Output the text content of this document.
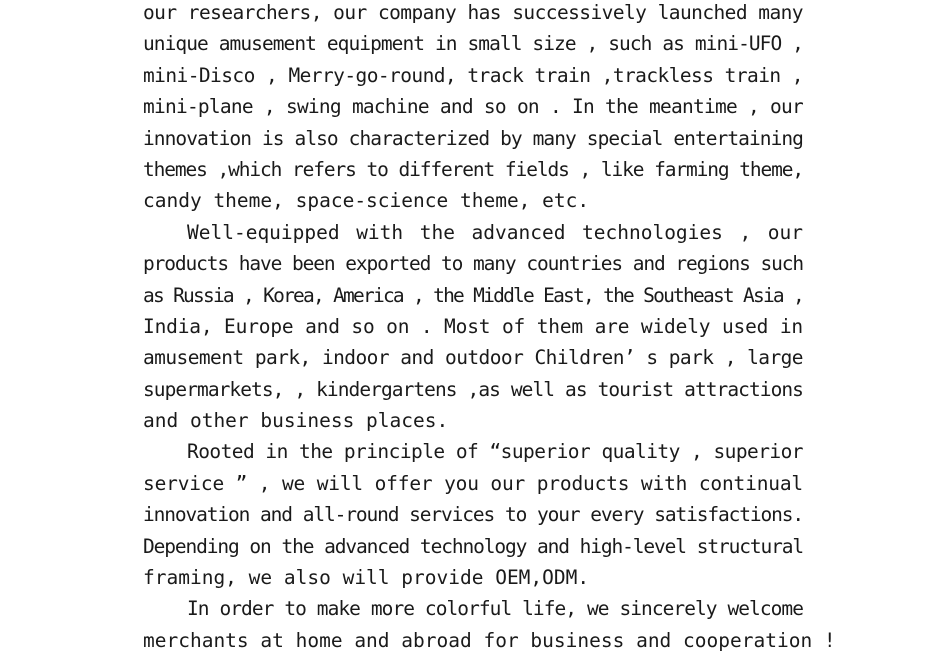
our researchers, our company has successively launched many
unique amusement equipment in small size , such as mini-UFO ,
mini-Disco , Merry-go-round, track train ,trackless train ,
mini-plane , swing machine and so on . In the meantime , our
innovation is also characterized by many special entertaining
themes ,which refers to different fields , like farming theme,
candy theme, space-science theme, etc.
Well-equipped with the advanced technologies , our
products have been exported to many countries and regions such
as Russia , Korea, America , the Middle East, the Southeast Asia ,
India, Europe and so on . Most of them are widely used in
amusement park, indoor and outdoor Children’ s park , large
supermarkets, , kindergartens ,as well as tourist attractions
and other business places.
Rooted in the principle of “superior quality , superior
service ” , we will offer you our products with continual
innovation and all-round services to your every satisfactions.
Depending on the advanced technology and high-level structural
framing, we also will provide OEM,ODM.
In order to make more colorful life, we sincerely welcome
merchants at home and abroad for business and cooperation !
